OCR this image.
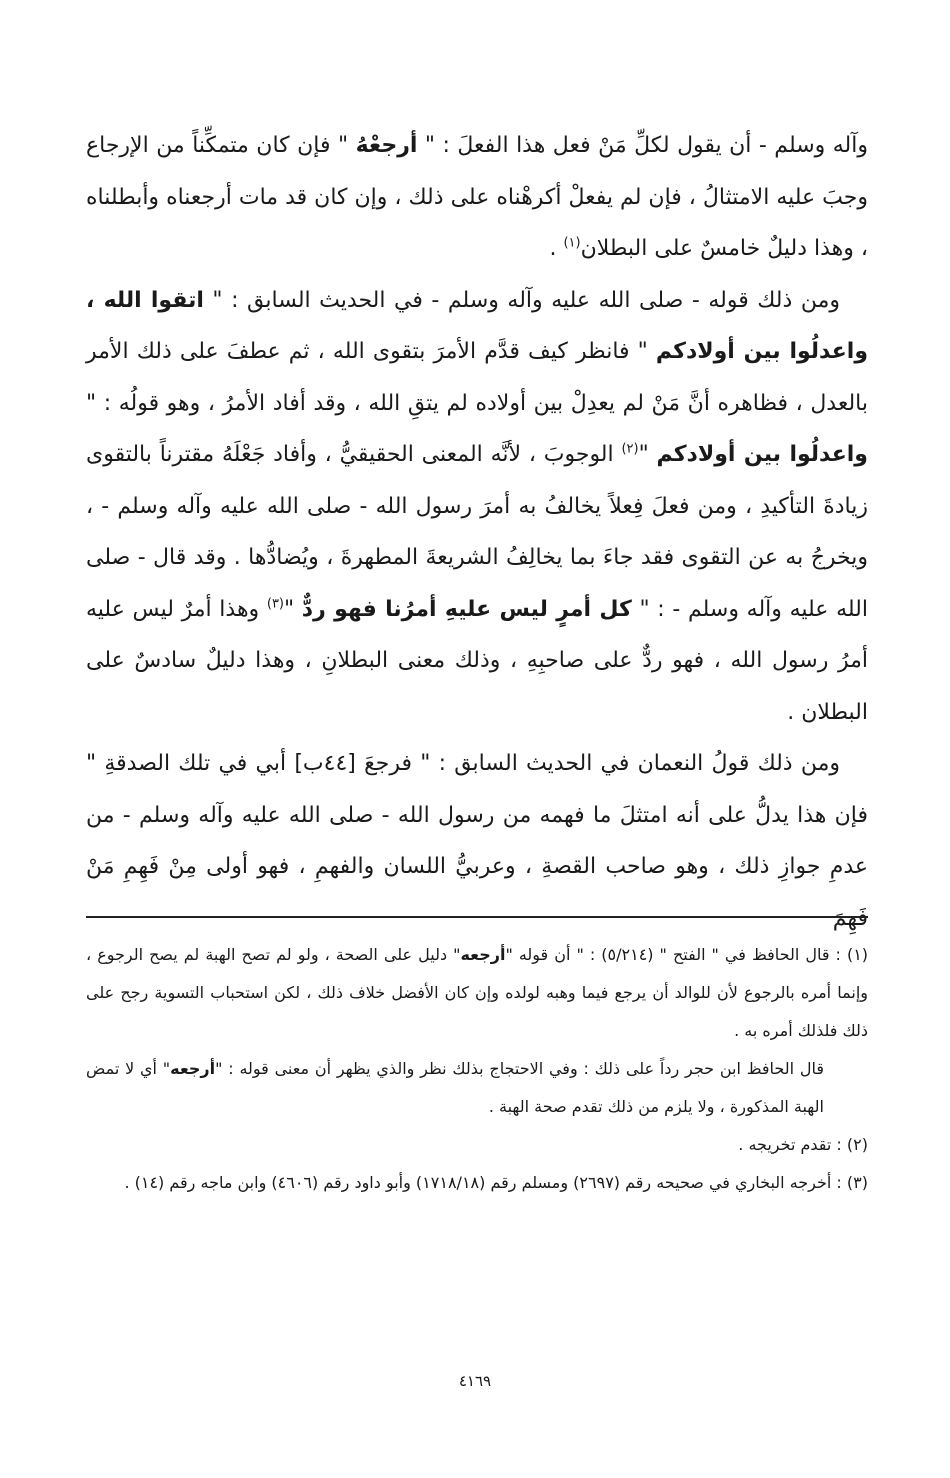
وآله وسلم - أن يقول لكلِّ مَنْ فعل هذا الفعلَ : " أرجعْهُ " فإن كان متمكِّناً من الإرجاع وجبَ عليه الامتثالُ ، فإن لم يفعلْ أكرهْناه على ذلك ، وإن كان قد مات أرجعناه وأبطلناه ، وهذا دليلٌ خامسٌ على البطلان$^{(١)}$ .

ومن ذلك قوله - صلى الله عليه وآله وسلم - في الحديث السابق : " اتقوا الله ، واعدلُوا بين أولادكم " فانظر كيف قدَّم الأمرَ بتقوى الله ، ثم عطفَ على ذلك الأمر بالعدل ، فظاهره أنَّ مَنْ لم يعدِلْ بين أولاده لم يتقِ الله ، وقد أفاد الأمرُ ، وهو قولُه : " واعدلُوا بين أولادكم "$^{(٢)}$ الوجوبَ ، لأنَّه المعنى الحقيقيُّ ، وأفاد جَعْلَهُ مقترناً بالتقوى زيادةَ التأكيدِ ، ومن فعلَ فِعلاً يخالفُ به أمرَ رسول الله - صلى الله عليه وآله وسلم - ، ويخرجُ به عن التقوى فقد جاءَ بما يخالِفُ الشريعةَ المطهرةَ ، ويُضادُّها . وقد قال - صلى الله عليه وآله وسلم - : " كل أمرٍ ليس عليهِ أمرُنا فهو ردٌّ "$^{(٣)}$ وهذا أمرٌ ليس عليه أمرُ رسول الله ، فهو ردٌّ على صاحبِهِ ، وذلك معنى البطلانِ ، وهذا دليلٌ سادسٌ على البطلان .

ومن ذلك قولُ النعمان في الحديث السابق : " فرجعَ [٤٤ب] أبي في تلك الصدقةِ " فإن هذا يدلُّ على أنه امتثلَ ما فهمه من رسول الله - صلى الله عليه وآله وسلم - من عدمِ جوازِ ذلك ، وهو صاحب القصةِ ، وعربيُّ اللسان والفهمِ ، فهو أولى مِنْ فَهِمِ مَنْ فَهِمَ

(١) : قال الحافظ في " الفتح " (٥/٢١٤) : " أن قوله "أرجعه" دليل على الصحة ، ولو لم تصح الهبة لم يصح الرجوع ، وإنما أمره بالرجوع لأن للوالد أن يرجع فيما وهبه لولده وإن كان الأفضل خلاف ذلك ، لكن استحباب التسوية رجح على ذلك فلذلك أمره به .

قال الحافظ ابن حجر رداً على ذلك : وفي الاحتجاج بذلك نظر والذي يظهر أن معنى قوله : "أرجعه" أي لا تمض الهبة المذكورة ، ولا يلزم من ذلك تقدم صحة الهبة .

(٢) : تقدم تخريجه .

(٣) : أخرجه البخاري في صحيحه رقم (٢٦٩٧) ومسلم رقم (١٧١٨/١٨) وأبو داود رقم (٤٦٠٦) وابن ماجه رقم (١٤) .

٤١٦٩
